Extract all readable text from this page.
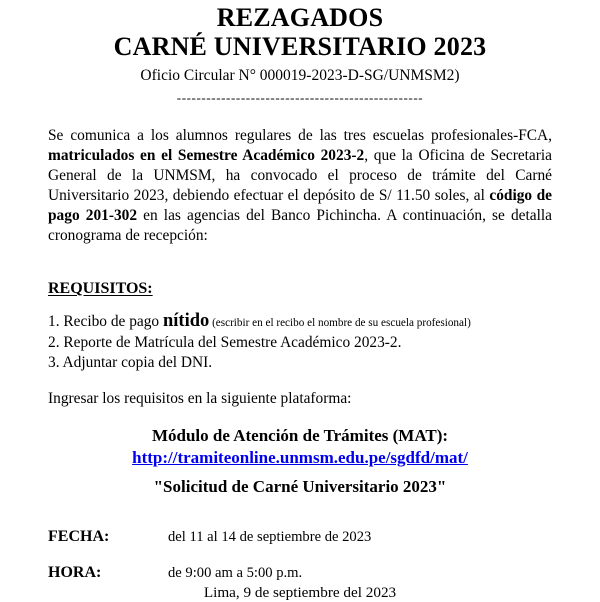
REZAGADOS
CARNÉ UNIVERSITARIO 2023
Oficio Circular N° 000019-2023-D-SG/UNMSM2)
--------------------------------------------------

Se comunica a los alumnos regulares de las tres escuelas profesionales-FCA, matriculados en el Semestre Académico 2023-2, que la Oficina de Secretaria General de la UNMSM, ha convocado el proceso de trámite del Carné Universitario 2023, debiendo efectuar el depósito de S/ 11.50 soles, al código de pago 201-302 en las agencias del Banco Pichincha. A continuación, se detalla cronograma de recepción:

REQUISITOS:
1. Recibo de pago nítido (escribir en el recibo el nombre de su escuela profesional)
2. Reporte de Matrícula del Semestre Académico 2023-2.
3. Adjuntar copia del DNI.
Ingresar los requisitos en la siguiente plataforma:
Módulo de Atención de Trámites (MAT):
http://tramiteonline.unmsm.edu.pe/sgdfd/mat/
"Solicitud de Carné Universitario 2023"
FECHA:	del 11 al 14 de septiembre de 2023
HORA:	de 9:00 am a 5:00 p.m.
Lima, 9 de septiembre del 2023
